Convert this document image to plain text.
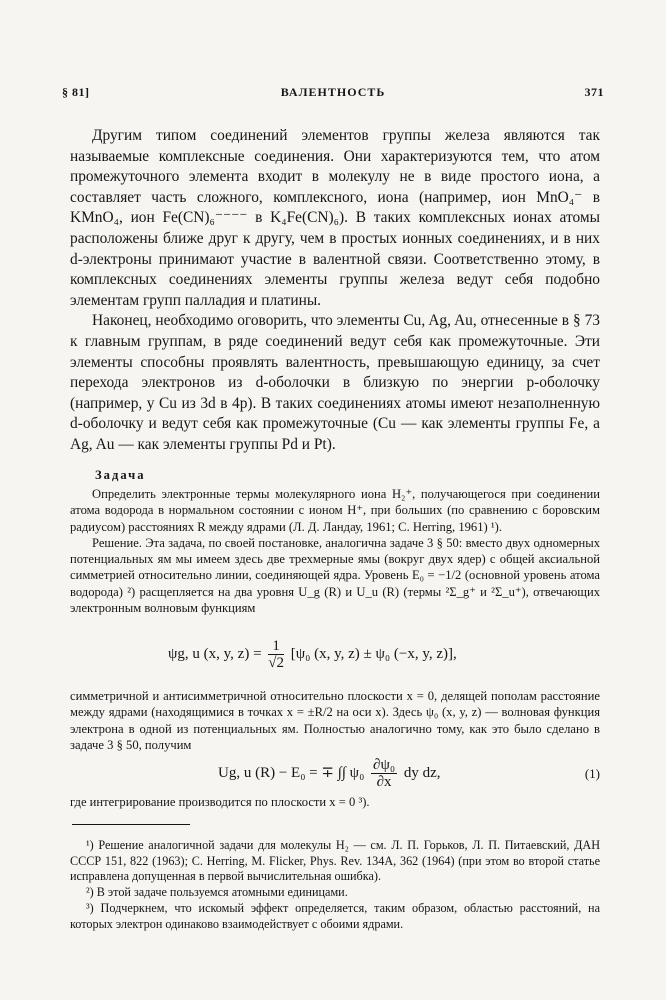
§ 81]	ВАЛЕНТНОСТЬ	371

Другим типом соединений элементов группы железа являются так называемые комплексные соединения. Они характеризуются тем, что атом промежуточного элемента входит в молекулу не в виде простого иона, а составляет часть сложного, комплексного, иона (например, ион MnO₄⁻ в KMnO₄, ион Fe(CN)₆⁻⁻⁻⁻ в K₄Fe(CN)₆). В таких комплексных ионах атомы расположены ближе друг к другу, чем в простых ионных соединениях, и в них d-электроны принимают участие в валентной связи. Соответственно этому, в комплексных соединениях элементы группы железа ведут себя подобно элементам групп палладия и платины.

Наконец, необходимо оговорить, что элементы Cu, Ag, Au, отнесенные в § 73 к главным группам, в ряде соединений ведут себя как промежуточные. Эти элементы способны проявлять валентность, превышающую единицу, за счет перехода электронов из d-оболочки в близкую по энергии p-оболочку (например, у Cu из 3d в 4p). В таких соединениях атомы имеют незаполненную d-оболочку и ведут себя как промежуточные (Cu — как элементы группы Fe, а Ag, Au — как элементы группы Pd и Pt).

Задача

Определить электронные термы молекулярного иона H₂⁺, получающегося при соединении атома водорода в нормальном состоянии с ионом H⁺, при больших (по сравнению с боровским радиусом) расстояниях R между ядрами (Л. Д. Ландау, 1961; C. Herring, 1961) ¹).

Решение. Эта задача, по своей постановке, аналогична задаче 3 § 50: вместо двух одномерных потенциальных ям мы имеем здесь две трехмерные ямы (вокруг двух ядер) с общей аксиальной симметрией относительно линии, соединяющей ядра. Уровень E₀ = −1/2 (основной уровень атома водорода) ²) расщепляется на два уровня U_g (R) и U_u (R) (термы ²Σ_g⁺ и ²Σ_u⁺), отвечающих электронным волновым функциям

ψg, u (x, y, $z) = \frac{1}{√2} [\psi_0$ (x, y, z) ± ψ₀ (−x, y, z)],

симметричной и антисимметричной относительно плоскости x = 0, делящей пополам расстояние между ядрами (находящимися в точках x = ±R/2 на оси x). Здесь ψ₀ (x, y, z) — волновая функция электрона в одной из потенциальных ям. Полностью аналогично тому, как это было сделано в задаче 3 § 50, получим

Ug, u (R) − E₀ = ∓ ∫∫ $\psi_0 \frac{\text{∂ψ₀}}{\partial x}$ dy dz,	(1)

где интегрирование производится по плоскости x = 0 ³).

¹) Решение аналогичной задачи для молекулы H₂ — см. Л. П. Горьков, Л. П. Питаевский, ДАН СССР 151, 822 (1963); C. Herring, M. Flicker, Phys. Rev. 134A, 362 (1964) (при этом во второй статье исправлена допущенная в первой вычислительная ошибка).

²) В этой задаче пользуемся атомными единицами.

³) Подчеркнем, что искомый эффект определяется, таким образом, областью расстояний, на которых электрон одинаково взаимодействует с обоими ядрами.
